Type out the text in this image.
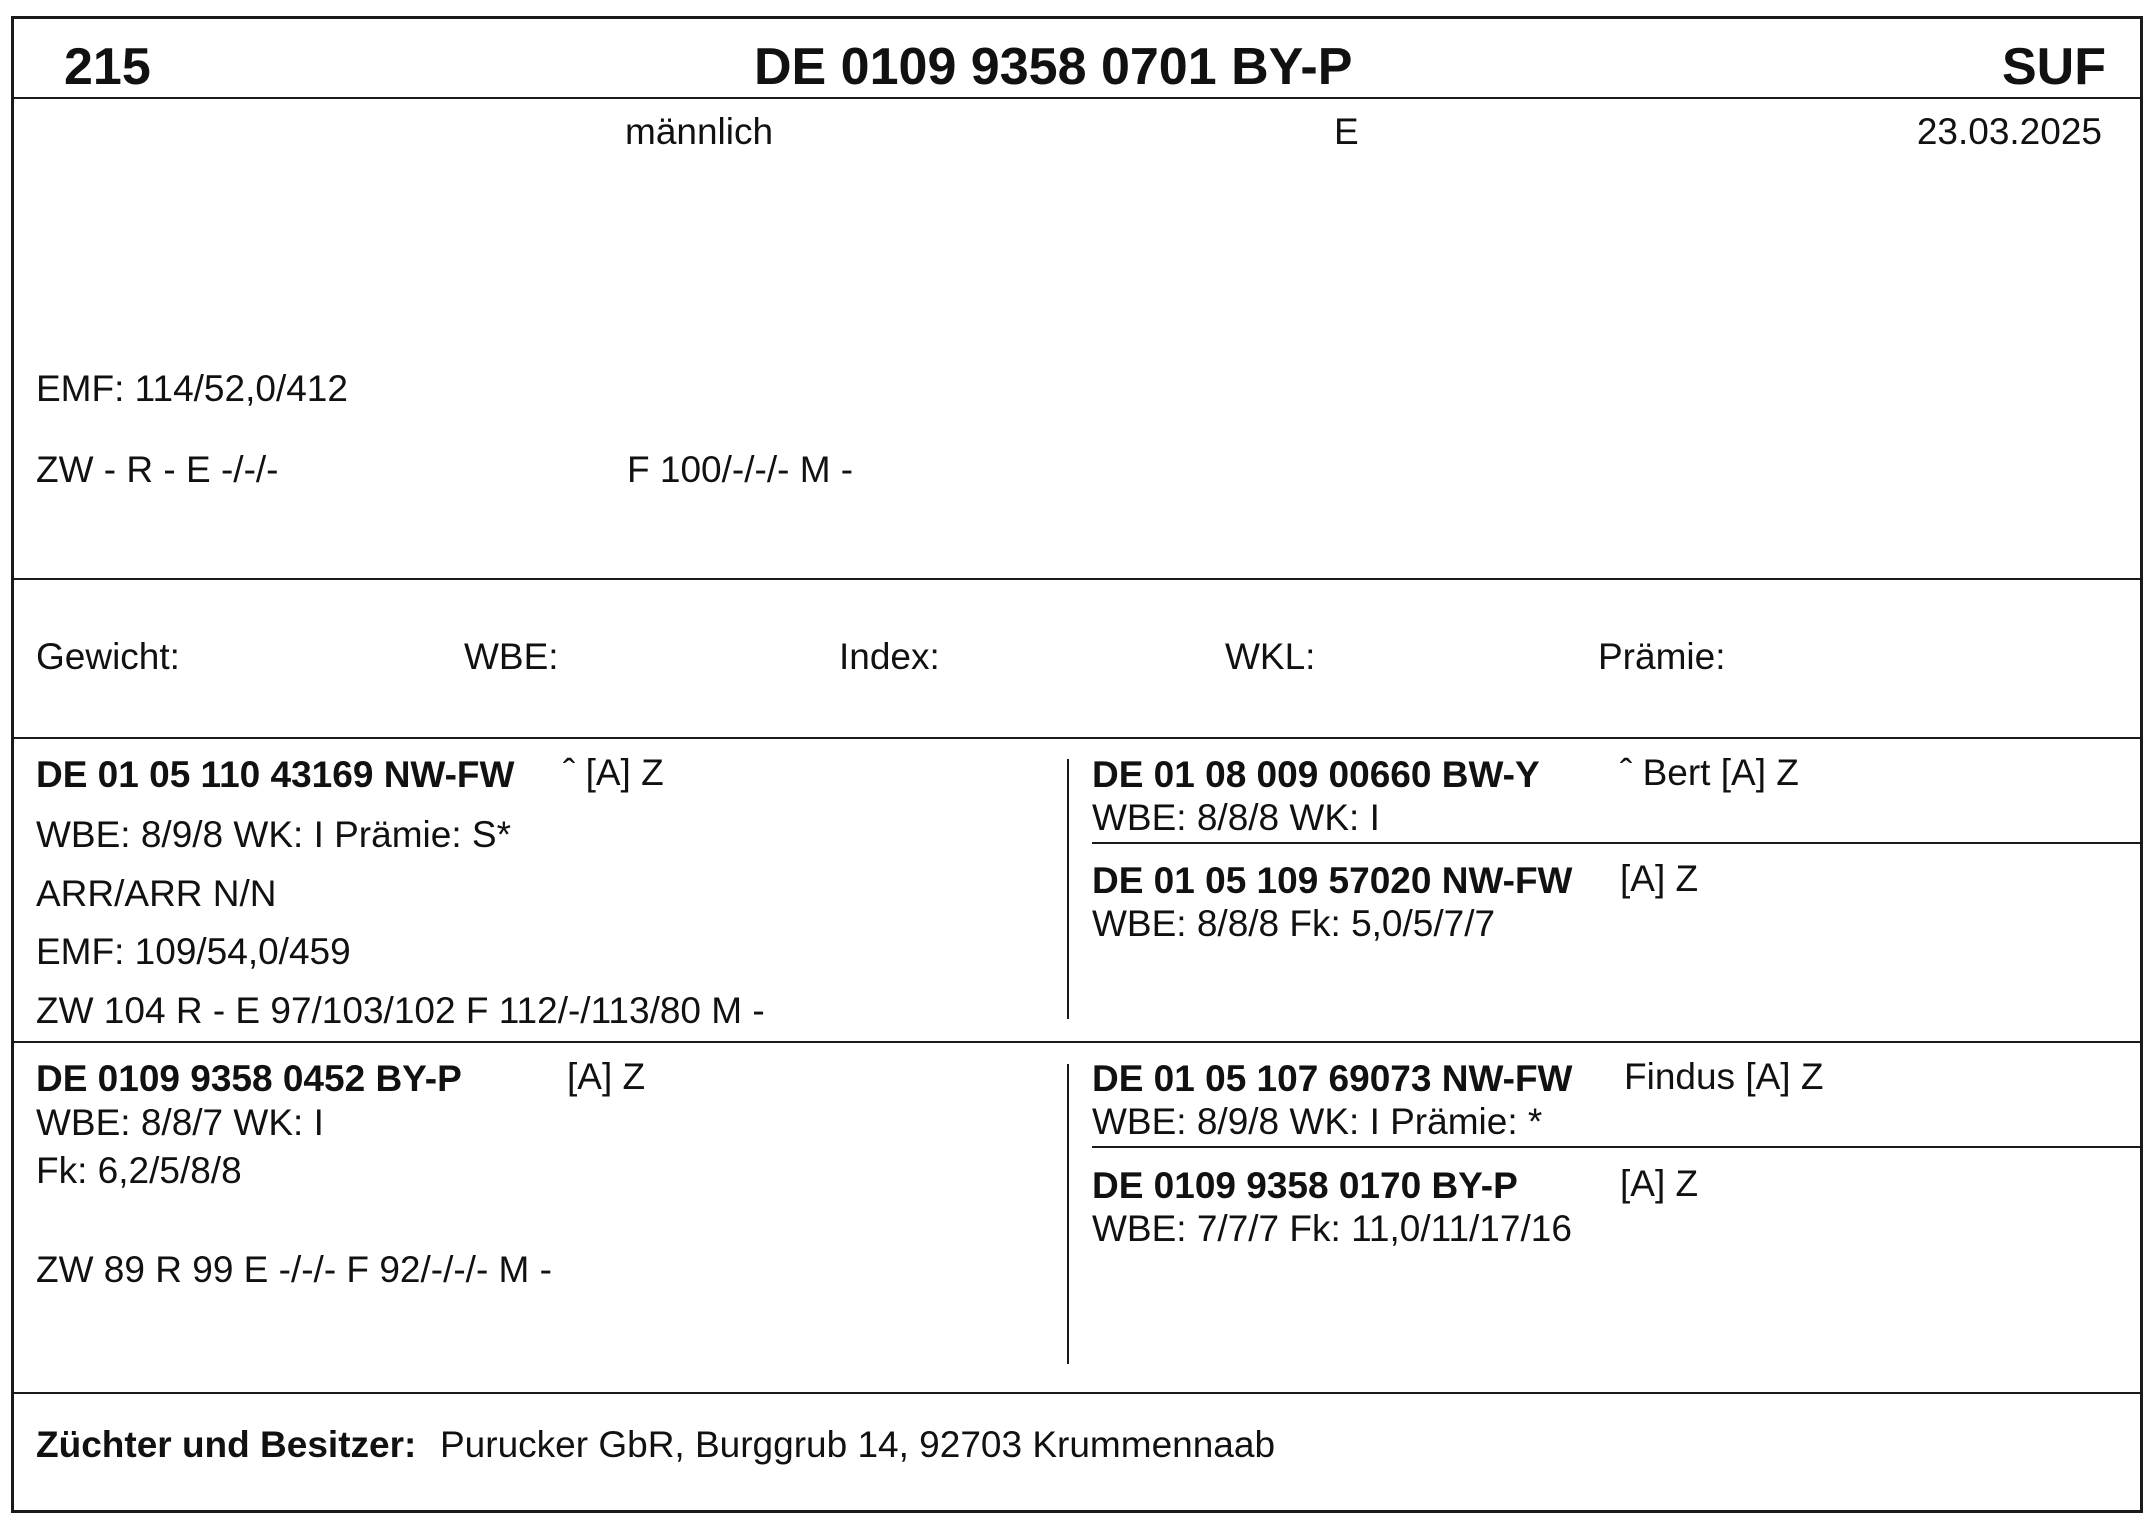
215	DE 0109 9358 0701 BY-P	SUF
männlich	E	23.03.2025
EMF: 114/52,0/412
ZW - R - E -/-/-	F 100/-/-/- M -
Gewicht:	WBE:	Index:	WKL:	Prämie:
DE 01 05 110 43169 NW-FW ˆ [A] Z
WBE: 8/9/8 WK: I Prämie: S*
ARR/ARR N/N
EMF: 109/54,0/459
ZW 104 R - E 97/103/102 F 112/-/113/80 M -
DE 01 08 009 00660 BW-Y ˆ Bert [A] Z
WBE: 8/8/8 WK: I
DE 01 05 109 57020 NW-FW [A] Z
WBE: 8/8/8 Fk: 5,0/5/7/7
DE 0109 9358 0452 BY-P	[A] Z
WBE: 8/8/7 WK: I
Fk: 6,2/5/8/8
ZW 89 R 99 E -/-/- F 92/-/-/- M -
DE 01 05 107 69073 NW-FW Findus [A] Z
WBE: 8/9/8 WK: I Prämie: *
DE 0109 9358 0170 BY-P	[A] Z
WBE: 7/7/7 Fk: 11,0/11/17/16
Züchter und Besitzer: Purucker GbR, Burggrub 14, 92703 Krummennaab
